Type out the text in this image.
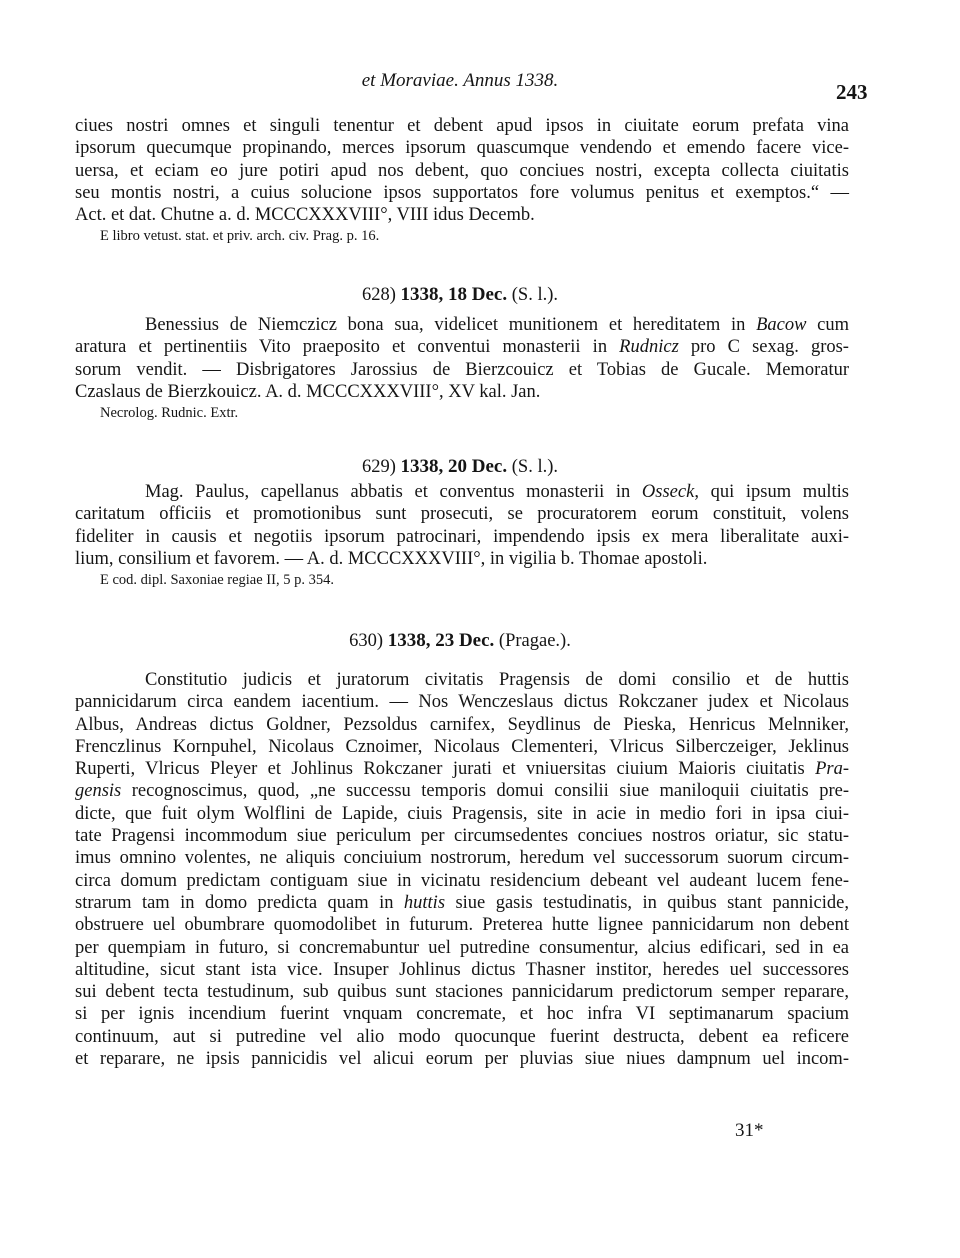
et Moraviae. Annus 1338.	243
ciues nostri omnes et singuli tenentur et debent apud ipsos in ciuitate eorum prefata vina
ipsorum quecumque propinando, merces ipsorum quascumque vendendo et emendo facere vice-
uersa, et eciam eo jure potiri apud nos debent, quo conciues nostri, excepta collecta ciuitatis
seu montis nostri, a cuius solucione ipsos supportatos fore volumus penitus et exemptos.“ —
Act. et dat. Chutne a. d. MCCCXXXVIII°, VIII idus Decemb.
E libro vetust. stat. et priv. arch. civ. Prag. p. 16.
628) 1338, 18 Dec. (S. l.).
Benessius de Niemczicz bona sua, videlicet munitionem et hereditatem in Bacow cum
aratura et pertinentiis Vito praeposito et conventui monasterii in Rudnicz pro C sexag. gros-
sorum vendit. — Disbrigatores Jarossius de Bierzcouicz et Tobias de Gucale. Memoratur
Czaslaus de Bierzkouicz. A. d. MCCCXXXVIII°, XV kal. Jan.
Necrolog. Rudnic. Extr.
629) 1338, 20 Dec. (S. l.).
Mag. Paulus, capellanus abbatis et conventus monasterii in Osseck, qui ipsum multis
caritatum officiis et promotionibus sunt prosecuti, se procuratorem eorum constituit, volens
fideliter in causis et negotiis ipsorum patrocinari, impendendo ipsis ex mera liberalitate auxi-
lium, consilium et favorem. — A. d. MCCCXXXVIII°, in vigilia b. Thomae apostoli.
E cod. dipl. Saxoniae regiae II, 5 p. 354.
630) 1338, 23 Dec. (Pragae.).
Constitutio judicis et juratorum civitatis Pragensis de domi consilio et de huttis
pannicidarum circa eandem iacentium. — Nos Wenczeslaus dictus Rokczaner judex et Nicolaus
Albus, Andreas dictus Goldner, Pezsoldus carnifex, Seydlinus de Pieska, Henricus Melnniker,
Frenczlinus Kornpuhel, Nicolaus Cznoimer, Nicolaus Clementeri, Vlricus Silberczeiger, Jeklinus
Ruperti, Vlricus Pleyer et Johlinus Rokczaner jurati et vniuersitas ciuium Maioris ciuitatis Pra-
gensis recognoscimus, quod, „ne successu temporis domui consilii siue maniloquii ciuitatis pre-
dicte, que fuit olym Wolflini de Lapide, ciuis Pragensis, site in acie in medio fori in ipsa ciui-
tate Pragensi incommodum siue periculum per circumsedentes conciues nostros oriatur, sic statu-
imus omnino volentes, ne aliquis conciuium nostrorum, heredum vel successorum suorum circum-
circa domum predictam contiguam siue in vicinatu residencium debeant vel audeant lucem fene-
strarum tam in domo predicta quam in huttis siue gasis testudinatis, in quibus stant pannicide,
obstruere uel obumbrare quomodolibet in futurum. Preterea hutte lignee pannicidarum non debent
per quempiam in futuro, si concremabuntur uel putredine consumentur, alcius edificari, sed in ea
altitudine, sicut stant ista vice. Insuper Johlinus dictus Thasner institor, heredes uel successores
sui debent tecta testudinum, sub quibus sunt staciones pannicidarum predictorum semper reparare,
si per ignis incendium fuerint vnquam concremate, et hoc infra VI septimanarum spacium
continuum, aut si putredine vel alio modo quocunque fuerint destructa, debent ea reficere
et reparare, ne ipsis pannicidis vel alicui eorum per pluvias siue niues dampnum uel incom-
31*
